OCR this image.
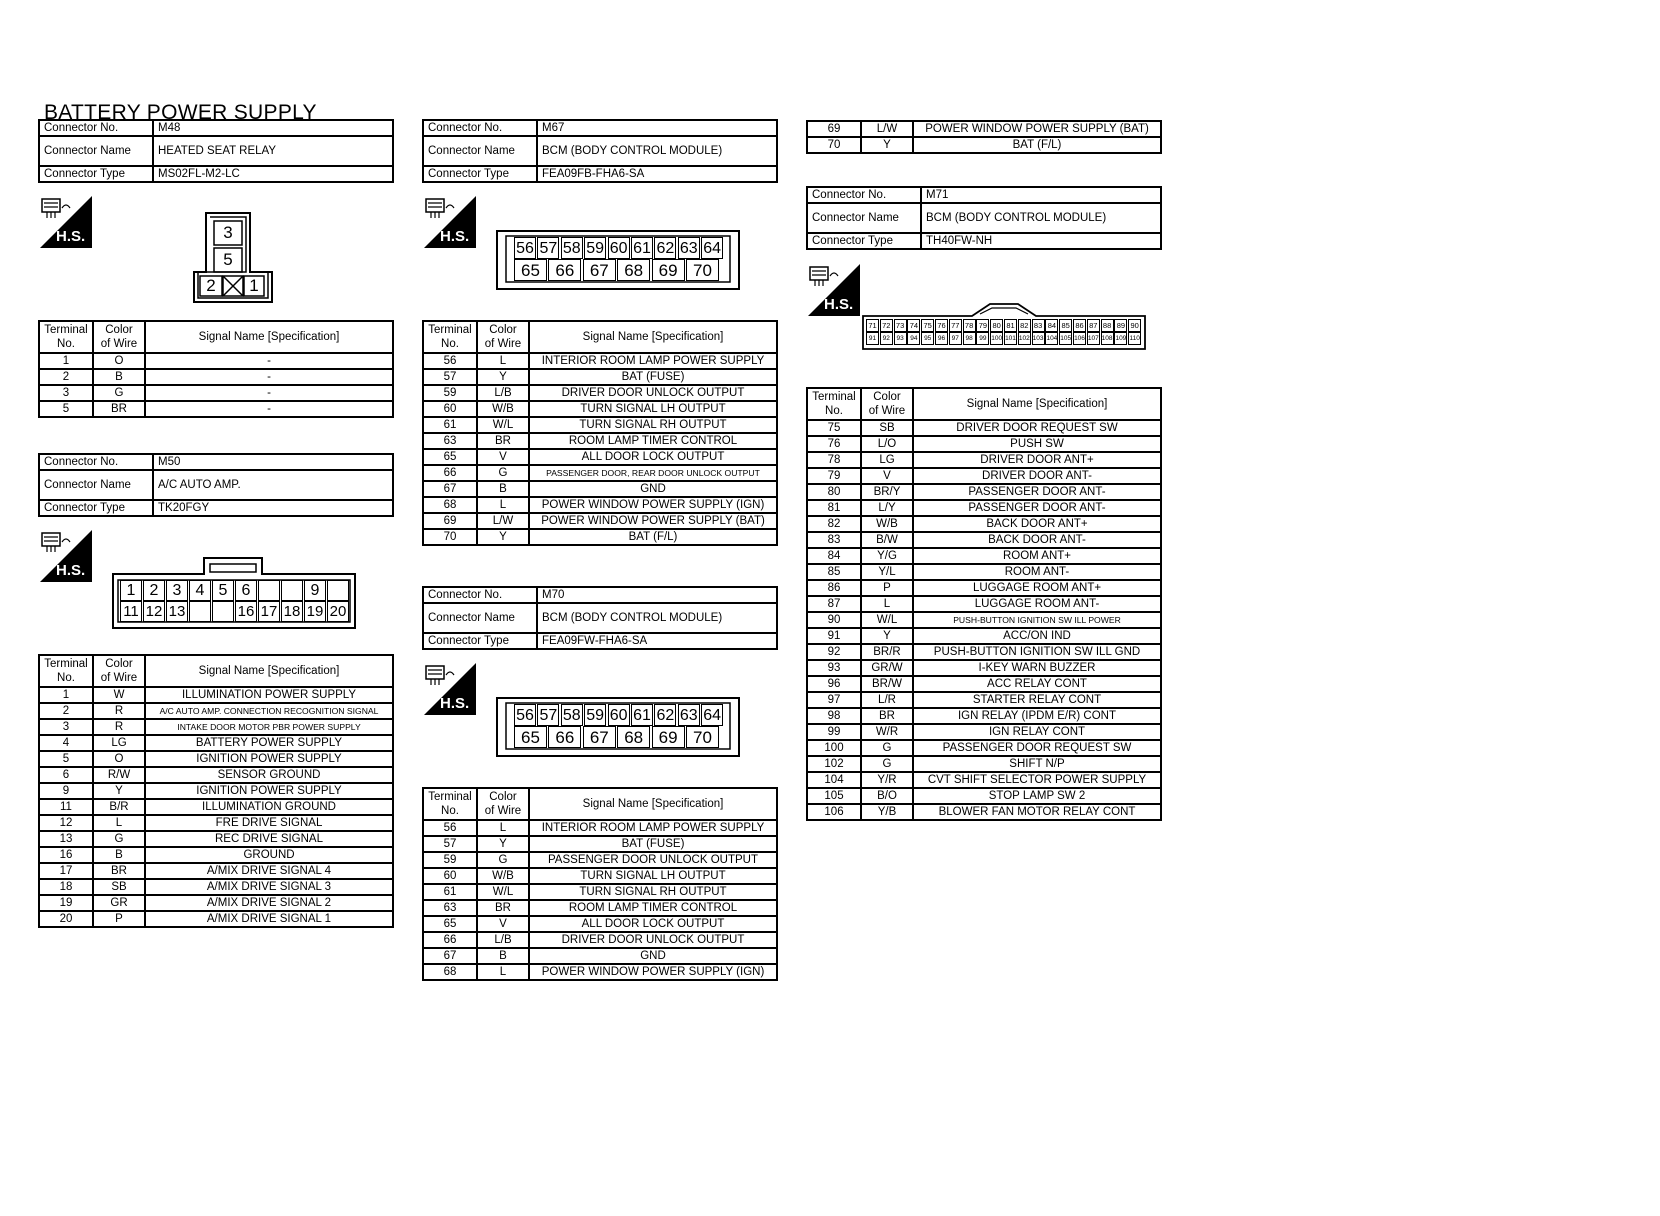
BATTERY POWER SUPPLY
Connector No.	M48
Connector Name	HEATED SEAT RELAY
Connector Type	MS02FL-M2-LC
H.S.	3
5
2	1
Terminal
No.	Color
of Wire	Signal Name [Specification]
1	O	-
2	B	-
3	G	-
5	BR	-
Connector No.	M50
Connector Name	A/C AUTO AMP.
Connector Type	TK20FGY
H.S.
1
11
2
12
3
13
4 5 6
16 17 18
9
19 20
Terminal
No.	Color
of Wire	Signal Name [Specification]
1	W	ILLUMINATION POWER SUPPLY
2	R	A/C AUTO AMP. CONNECTION RECOGNITION SIGNAL
3	R	INTAKE DOOR MOTOR PBR POWER SUPPLY
4	LG	BATTERY POWER SUPPLY
5	O	IGNITION POWER SUPPLY
6	R/W	SENSOR GROUND
9	Y	IGNITION POWER SUPPLY
11	B/R	ILLUMINATION GROUND
12	L	FRE DRIVE SIGNAL
13	G	REC DRIVE SIGNAL
16	B	GROUND
17	BR	A/MIX DRIVE SIGNAL 4
18	SB	A/MIX DRIVE SIGNAL 3
19	GR	A/MIX DRIVE SIGNAL 2
20	P	A/MIX DRIVE SIGNAL 1
Connector No.	M67
Connector Name	BCM (BODY CONTROL MODULE)
Connector Type	FEA09FB-FHA6-SA
H.S.
56 57 58 59 60 61 62 63 64
65 66 67 68 69 70
Terminal
No.	Color
of Wire	Signal Name [Specification]
56	L	INTERIOR ROOM LAMP POWER SUPPLY
57	Y	BAT (FUSE)
59	L/B	DRIVER DOOR UNLOCK OUTPUT
60	W/B	TURN SIGNAL LH OUTPUT
61	W/L	TURN SIGNAL RH OUTPUT
63	BR	ROOM LAMP TIMER CONTROL
65	V	ALL DOOR LOCK OUTPUT
66	G	PASSENGER DOOR, REAR DOOR UNLOCK OUTPUT
67	B	GND
68	L	POWER WINDOW POWER SUPPLY (IGN)
69	L/W	POWER WINDOW POWER SUPPLY (BAT)
70	Y	BAT (F/L)
Connector No.	M70
Connector Name	BCM (BODY CONTROL MODULE)
Connector Type	FEA09FW-FHA6-SA
H.S.
56 57 58 59 60 61 62 63 64
65 66 67 68 69 70
Terminal
No.	Color
of Wire	Signal Name [Specification]
56	L	INTERIOR ROOM LAMP POWER SUPPLY
57	Y	BAT (FUSE)
59	G	PASSENGER DOOR UNLOCK OUTPUT
60	W/B	TURN SIGNAL LH OUTPUT
61	W/L	TURN SIGNAL RH OUTPUT
63	BR	ROOM LAMP TIMER CONTROL
65	V	ALL DOOR LOCK OUTPUT
66	L/B	DRIVER DOOR UNLOCK OUTPUT
67	B	GND
68	L	POWER WINDOW POWER SUPPLY (IGN)
69	L/W	POWER WINDOW POWER SUPPLY (BAT)
70	Y	BAT (F/L)
Connector No.	M71
Connector Name	BCM (BODY CONTROL MODULE)
Connector Type	TH40FW-NH
H.S.
71
91
72
92
73
93
74
94
75
95
76
96
77
97
78
98
79
99
80
100
81
101
82
102
83
103
84
104
85
105
86
106
87
107
88
108
89
109
90
110
Terminal
No.	Color
of Wire	Signal Name [Specification]
75	SB	DRIVER DOOR REQUEST SW
76	L/O	PUSH SW
78	LG	DRIVER DOOR ANT+
79	V	DRIVER DOOR ANT-
80	BR/Y	PASSENGER DOOR ANT-
81	L/Y	PASSENGER DOOR ANT-
82	W/B	BACK DOOR ANT+
83	B/W	BACK DOOR ANT-
84	Y/G	ROOM ANT+
85	Y/L	ROOM ANT-
86	P	LUGGAGE ROOM ANT+
87	L	LUGGAGE ROOM ANT-
90	W/L	PUSH-BUTTON IGNITION SW ILL POWER
91	Y	ACC/ON IND
92	BR/R	PUSH-BUTTON IGNITION SW ILL GND
93	GR/W	I-KEY WARN BUZZER
96	BR/W	ACC RELAY CONT
97	L/R	STARTER RELAY CONT
98	BR	IGN RELAY (IPDM E/R) CONT
99	W/R	IGN RELAY CONT
100	G	PASSENGER DOOR REQUEST SW
102	G	SHIFT N/P
104	Y/R	CVT SHIFT SELECTOR POWER SUPPLY
105	B/O	STOP LAMP SW 2
106	Y/B	BLOWER FAN MOTOR RELAY CONT
